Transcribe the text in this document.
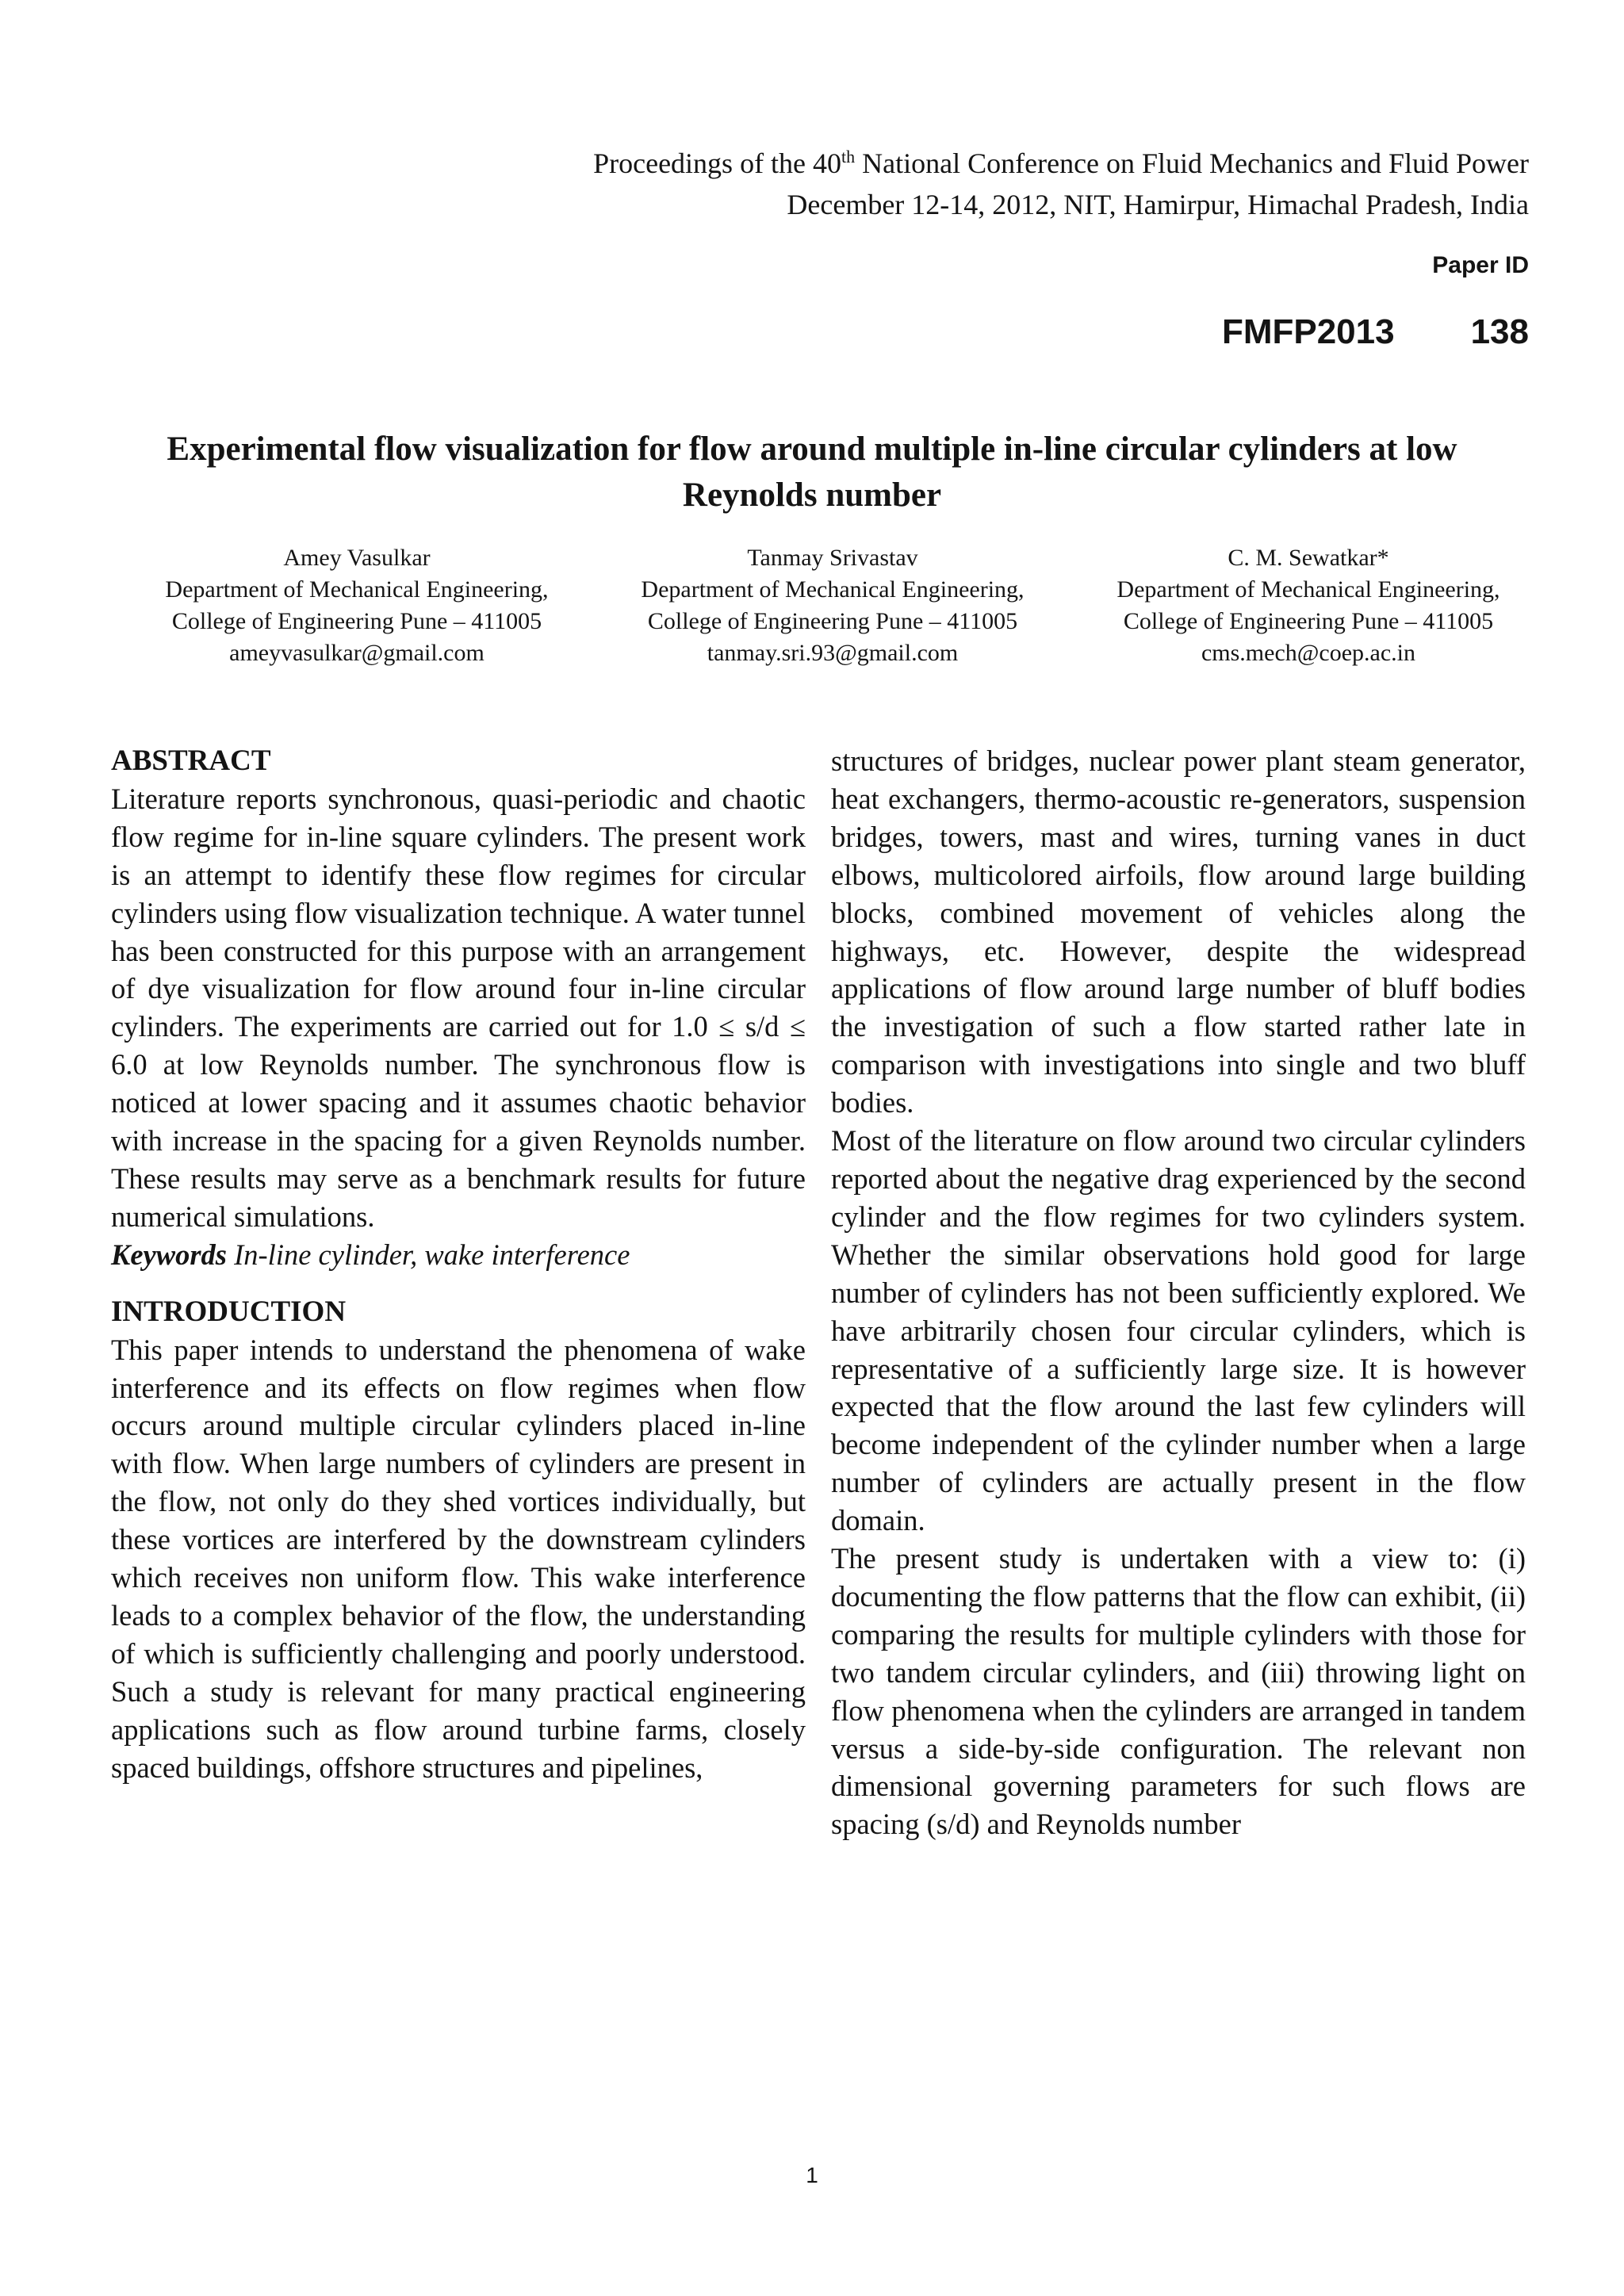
Proceedings of the 40th National Conference on Fluid Mechanics and Fluid Power
December 12-14, 2012, NIT, Hamirpur, Himachal Pradesh, India
Paper ID
FMFP2013 138
Experimental flow visualization for flow around multiple in-line circular cylinders at low Reynolds number
Amey Vasulkar
Department of Mechanical Engineering,
College of Engineering Pune – 411005
ameyvasulkar@gmail.com
Tanmay Srivastav
Department of Mechanical Engineering,
College of Engineering Pune – 411005
tanmay.sri.93@gmail.com
C. M. Sewatkar*
Department of Mechanical Engineering,
College of Engineering Pune – 411005
cms.mech@coep.ac.in

ABSTRACT

Literature reports synchronous, quasi-periodic and chaotic flow regime for in-line square cylinders. The present work is an attempt to identify these flow regimes for circular cylinders using flow visualization technique. A water tunnel has been constructed for this purpose with an arrangement of dye visualization for flow around four in-line circular cylinders. The experiments are carried out for 1.0 ≤ s/d ≤ 6.0 at low Reynolds number. The synchronous flow is noticed at lower spacing and it assumes chaotic behavior with increase in the spacing for a given Reynolds number. These results may serve as a benchmark results for future numerical simulations.

Keywords In-line cylinder, wake interference

INTRODUCTION

This paper intends to understand the phenomena of wake interference and its effects on flow regimes when flow occurs around multiple circular cylinders placed in-line with flow. When large numbers of cylinders are present in the flow, not only do they shed vortices individually, but these vortices are interfered by the downstream cylinders which receives non uniform flow. This wake interference leads to a complex behavior of the flow, the understanding of which is sufficiently challenging and poorly understood. Such a study is relevant for many practical engineering applications such as flow around turbine farms, closely spaced buildings, offshore structures and pipelines,

structures of bridges, nuclear power plant steam generator, heat exchangers, thermo-acoustic re-generators, suspension bridges, towers, mast and wires, turning vanes in duct elbows, multicolored airfoils, flow around large building blocks, combined movement of vehicles along the highways, etc. However, despite the widespread applications of flow around large number of bluff bodies the investigation of such a flow started rather late in comparison with investigations into single and two bluff bodies.

Most of the literature on flow around two circular cylinders reported about the negative drag experienced by the second cylinder and the flow regimes for two cylinders system. Whether the similar observations hold good for large number of cylinders has not been sufficiently explored. We have arbitrarily chosen four circular cylinders, which is representative of a sufficiently large size. It is however expected that the flow around the last few cylinders will become independent of the cylinder number when a large number of cylinders are actually present in the flow domain.

The present study is undertaken with a view to: (i) documenting the flow patterns that the flow can exhibit, (ii) comparing the results for multiple cylinders with those for two tandem circular cylinders, and (iii) throwing light on flow phenomena when the cylinders are arranged in tandem versus a side-by-side configuration. The relevant non dimensional governing parameters for such flows are spacing (s/d) and Reynolds number

1
